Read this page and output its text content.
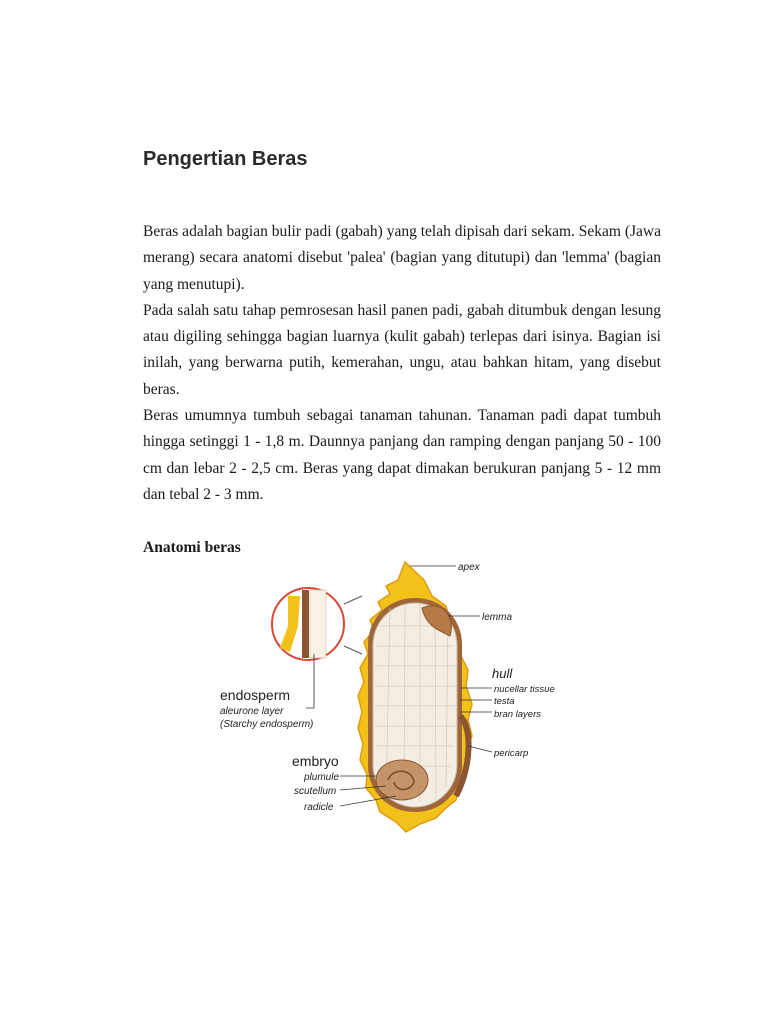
Pengertian Beras

Beras adalah bagian bulir padi (gabah) yang telah dipisah dari sekam. Sekam (Jawa merang) secara anatomi disebut 'palea' (bagian yang ditutupi) dan 'lemma' (bagian yang menutupi).

Pada salah satu tahap pemrosesan hasil panen padi, gabah ditumbuk dengan lesung atau digiling sehingga bagian luarnya (kulit gabah) terlepas dari isinya. Bagian isi inilah, yang berwarna putih, kemerahan, ungu, atau bahkan hitam, yang disebut beras.

Beras umumnya tumbuh sebagai tanaman tahunan. Tanaman padi dapat tumbuh hingga setinggi 1 - 1,8 m. Daunnya panjang dan ramping dengan panjang 50 - 100 cm dan lebar 2 - 2,5 cm. Beras yang dapat dimakan berukuran panjang 5 - 12 mm dan tebal 2 - 3 mm.

Anatomi beras
apex
lemma
hull
nucellar tissue
testa
bran layers
pericarp
endosperm
aleurone layer
(Starchy endosperm)
embryo
plumule
scutellum
radicle
